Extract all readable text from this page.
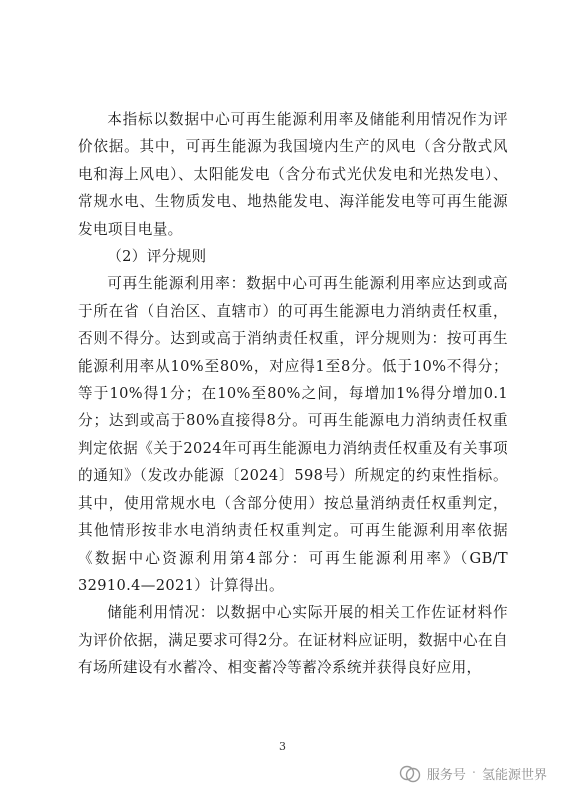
本指标以数据中心可再生能源利用率及储能利用情况作为评价依据。其中，可再生能源为我国境内生产的风电（含分散式风电和海上风电）、太阳能发电（含分布式光伏发电和光热发电）、常规水电、生物质发电、地热能发电、海洋能发电等可再生能源发电项目电量。

（2）评分规则

可再生能源利用率：数据中心可再生能源利用率应达到或高于所在省（自治区、直辖市）的可再生能源电力消纳责任权重，否则不得分。达到或高于消纳责任权重，评分规则为：按可再生能源利用率从10%至80%，对应得1至8分。低于10%不得分；等于10%得1分；在10%至80%之间，每增加1%得分增加0.1分；达到或高于80%直接得8分。可再生能源电力消纳责任权重判定依据《关于2024年可再生能源电力消纳责任权重及有关事项的通知》（发改办能源〔2024〕598号）所规定的约束性指标。其中，使用常规水电（含部分使用）按总量消纳责任权重判定，其他情形按非水电消纳责任权重判定。可再生能源利用率依据《数据中心资源利用第4部分：可再生能源利用率》（GB/T 32910.4—2021）计算得出。

储能利用情况：以数据中心实际开展的相关工作佐证材料作为评价依据，满足要求可得2分。在证材料应证明，数据中心在自有场所建设有水蓄冷、相变蓄冷等蓄冷系统并获得良好应用，

3
服务号 · 氢能源世界
